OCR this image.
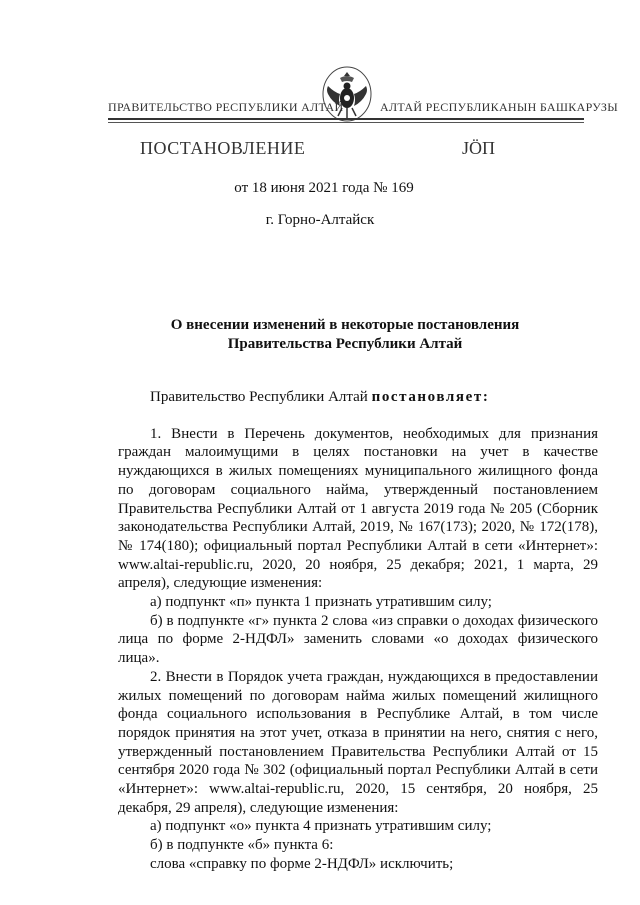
ПРАВИТЕЛЬСТВО РЕСПУБЛИКИ АЛТАЙ	АЛТАЙ РЕСПУБЛИКАНЫН БАШКАРУЗЫ
ПОСТАНОВЛЕНИЕ	ЈӦП
от 18 июня 2021 года № 169
г. Горно-Алтайск
О внесении изменений в некоторые постановления
Правительства Республики Алтай

Правительство Республики Алтай постановляет:

1. Внести в Перечень документов, необходимых для признания граждан малоимущими в целях постановки на учет в качестве нуждающихся в жилых помещениях муниципального жилищного фонда по договорам социального найма, утвержденный постановлением Правительства Республики Алтай от 1 августа 2019 года № 205 (Сборник законодательства Республики Алтай, 2019, № 167(173); 2020, № 172(178), № 174(180); официальный портал Республики Алтай в сети «Интернет»: www.altai-republic.ru, 2020, 20 ноября, 25 декабря; 2021, 1 марта, 29 апреля), следующие изменения:

а) подпункт «п» пункта 1 признать утратившим силу;

б) в подпункте «г» пункта 2 слова «из справки о доходах физического лица по форме 2-НДФЛ» заменить словами «о доходах физического лица».

2. Внести в Порядок учета граждан, нуждающихся в предоставлении жилых помещений по договорам найма жилых помещений жилищного фонда социального использования в Республике Алтай, в том числе порядок принятия на этот учет, отказа в принятии на него, снятия с него, утвержденный постановлением Правительства Республики Алтай от 15 сентября 2020 года № 302 (официальный портал Республики Алтай в сети «Интернет»: www.altai-republic.ru, 2020, 15 сентября, 20 ноября, 25 декабря, 29 апреля), следующие изменения:

а) подпункт «о» пункта 4 признать утратившим силу;

б) в подпункте «б» пункта 6:

слова «справку по форме 2-НДФЛ» исключить;
